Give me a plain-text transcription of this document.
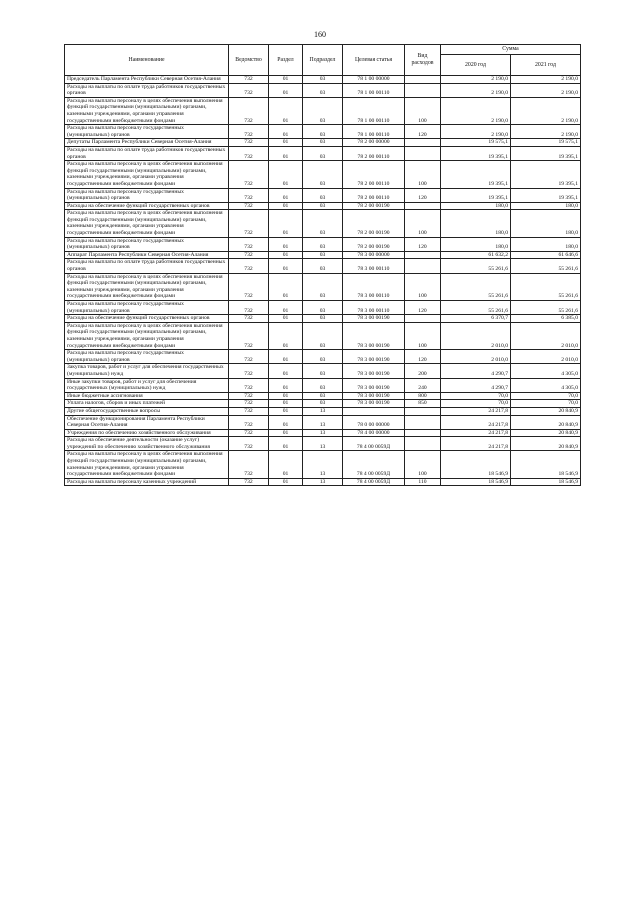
160
Наименование	Ведомство	Раздел	Подраздел	Целевая статья	Вид расходов	Сумма	
						2020 год	2021 год
Председатель Парламента Республики Северная Осетия-Алания	732	01	03	78 1 00 00000		2 190,0	2 190,0
Расходы на выплаты по оплате труда работников государственных органов	732	01	03	78 1 00 00110		2 190,0	2 190,0
Расходы на выплаты персоналу в целях обеспечения выполнения функций государственными (муниципальными) органами, казенными учреждениями, органами управления государственными внебюджетными фондами	732	01	03	78 1 00 00110	100	2 190,0	2 190,0
Расходы на выплаты персоналу государственных (муниципальных) органов	732	01	03	78 1 00 00110	120	2 190,0	2 190,0
Депутаты Парламента Республики Северная Осетия-Алания	732	01	03	78 2 00 00000		19 575,1	19 575,1
Расходы на выплаты по оплате труда работников государственных органов	732	01	03	78 2 00 00110		19 395,1	19 395,1
Расходы на выплаты персоналу в целях обеспечения выполнения функций государственными (муниципальными) органами, казенными учреждениями, органами управления государственными внебюджетными фондами	732	01	03	78 2 00 00110	100	19 395,1	19 395,1
Расходы на выплаты персоналу государственных (муниципальных) органов	732	01	03	78 2 00 00110	120	19 395,1	19 395,1
Расходы на обеспечение функций государственных органов	732	01	03	78 2 00 00190		180,0	180,0
Расходы на выплаты персоналу в целях обеспечения выполнения функций государственными (муниципальными) органами, казенными учреждениями, органами управления государственными внебюджетными фондами	732	01	03	78 2 00 00190	100	180,0	180,0
Расходы на выплаты персоналу государственных (муниципальных) органов	732	01	03	78 2 00 00190	120	180,0	180,0
Аппарат Парламента Республики Северная Осетия-Алания	732	01	03	78 3 00 00000		61 632,2	61 646,6
Расходы на выплаты по оплате труда работников государственных органов	732	01	03	78 3 00 00110		55 261,6	55 261,6
Расходы на выплаты персоналу в целях обеспечения выполнения функций государственными (муниципальными) органами, казенными учреждениями, органами управления государственными внебюджетными фондами	732	01	03	78 3 00 00110	100	55 261,6	55 261,6
Расходы на выплаты персоналу государственных (муниципальных) органов	732	01	03	78 3 00 00110	120	55 261,6	55 261,6
Расходы на обеспечение функций государственных органов	732	01	03	78 3 00 00190		6 370,7	6 385,0
Расходы на выплаты персоналу в целях обеспечения выполнения функций государственными (муниципальными) органами, казенными учреждениями, органами управления государственными внебюджетными фондами	732	01	03	78 3 00 00190	100	2 010,0	2 010,0
Расходы на выплаты персоналу государственных (муниципальных) органов	732	01	03	78 3 00 00190	120	2 010,0	2 010,0
Закупка товаров, работ и услуг для обеспечения государственных (муниципальных) нужд	732	01	03	78 3 00 00190	200	4 290,7	4 305,0
Иные закупки товаров, работ и услуг для обеспечения государственных (муниципальных) нужд	732	01	03	78 3 00 00190	240	4 290,7	4 305,0
Иные бюджетные ассигнования	732	01	03	78 3 00 00190	800	70,0	70,0
Уплата налогов, сборов и иных платежей	732	01	03	78 3 00 00190	850	70,0	70,0
Другие общегосударственные вопросы	732	01	13			24 217,8	20 840,9
Обеспечение функционирования Парламента Республики Северная Осетия-Алания	732	01	13	78 0 00 00000		24 217,8	20 840,9
Учреждения по обеспечению хозяйственного обслуживания	732	01	13	78 4 00 00000		24 217,8	20 840,9
Расходы на обеспечение деятельности (оказание услуг) учреждений по обеспечению хозяйственного обслуживания	732	01	13	78 4 00 0059Д		24 217,8	20 840,9
Расходы на выплаты персоналу в целях обеспечения выполнения функций государственными (муниципальными) органами, казенными учреждениями, органами управления государственными внебюджетными фондами	732	01	13	78 4 00 0059Д	100	18 546,9	18 546,9
Расходы на выплаты персоналу казенных учреждений	732	01	13	78 4 00 0059Д	110	18 546,9	18 546,9
